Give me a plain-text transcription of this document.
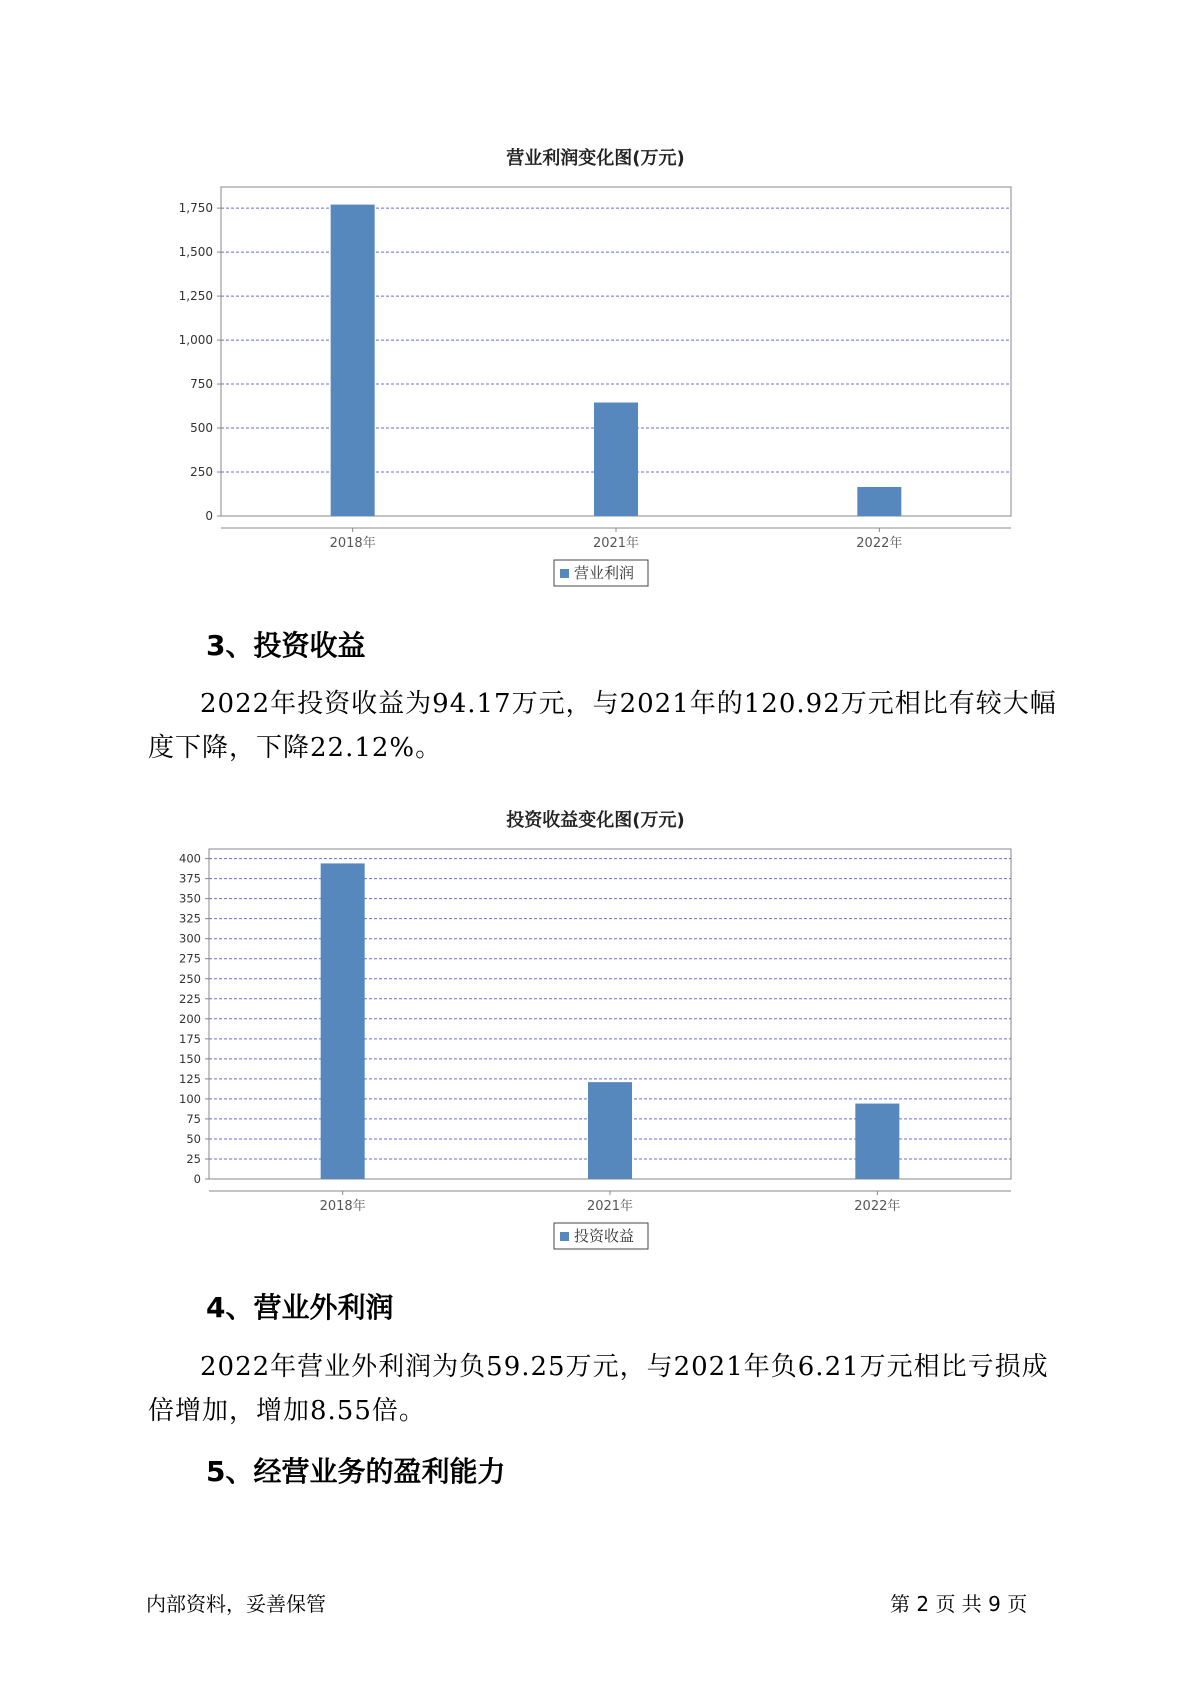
营业利润变化图(万元)
0
250
500
750
1,000
1,250
1,500
1,750
2018年	2021年	2022年
营业利润
3、投资收益
2022年投资收益为94.17万元，与2021年的120.92万元相比有较大幅度下降，下降22.12%。
投资收益变化图(万元)
0
25
50
75
100
125
150
175
200
225
250
275
300
325
350
375
400
2018年	2021年	2022年
投资收益
4、营业外利润
2022年营业外利润为负59.25万元，与2021年负6.21万元相比亏损成倍增加，增加8.55倍。
5、经营业务的盈利能力
内部资料，妥善保管	第 2 页 共 9 页
